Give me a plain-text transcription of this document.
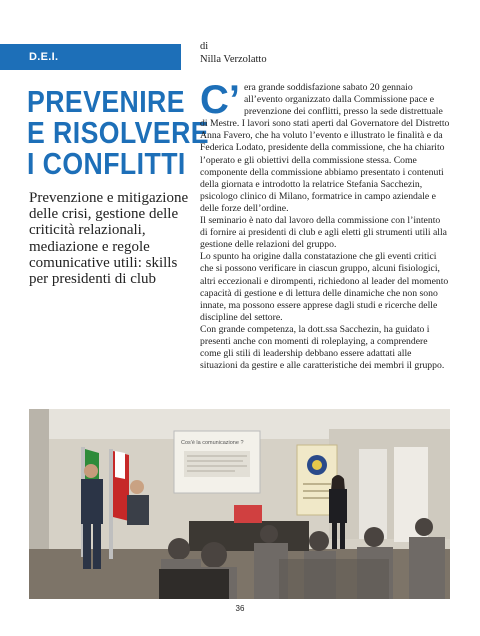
D.E.I.
di
Nilla Verzolatto
PREVENIRE
E RISOLVERE
I CONFLITTI
Prevenzione e mitigazione delle crisi, gestione delle criticità relazionali, mediazione e regole comunicative utili: skills per presidenti di club

C’ era grande soddisfazione sabato 20 gennaio all’evento organizzato dalla Commissione pace e prevenzione dei conflitti, presso la sede distrettuale di Mestre. I lavori sono stati aperti dal Governatore del Distretto Anna Favero, che ha voluto l’evento e illustrato le finalità e da Federica Lodato, presidente della commissione, che ha chiarito l’operato e gli obiettivi della commissione stessa. Come componente della commissione abbiamo presentato i contenuti della giornata e introdotto la relatrice Stefania Sacchezin, psicologo clinico di Milano, formatrice in campo aziendale e delle forze dell’ordine.

Il seminario è nato dal lavoro della commissione con l’intento di fornire ai presidenti di club e agli eletti gli strumenti utili alla gestione delle relazioni del gruppo.

Lo spunto ha origine dalla constatazione che gli eventi critici che si possono verificare in ciascun gruppo, alcuni fisiologici, altri eccezionali e dirompenti, richiedono al leader del momento capacità di gestione e di lettura delle dinamiche che non sono innate, ma possono essere apprese dagli studi e ricerche delle discipline del settore.

Con grande competenza, la dott.ssa Sacchezin, ha guidato i presenti anche con momenti di roleplaying, a comprendere come gli stili di leadership debbano essere adattati alle situazioni da gestire e alle caratteristiche dei membri il gruppo.

Cos'è la comunicazione ?
36
